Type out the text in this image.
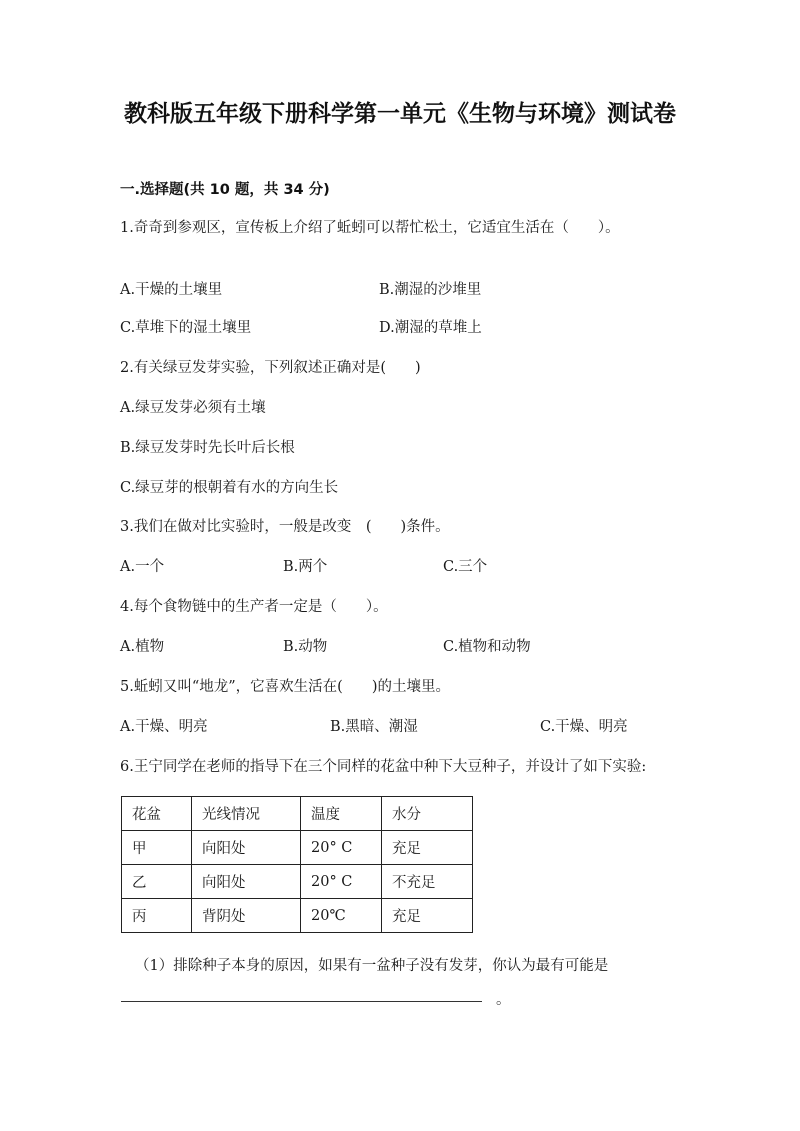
教科版五年级下册科学第一单元《生物与环境》测试卷
一.选择题(共 10 题，共 34 分)
1.奇奇到参观区，宣传板上介绍了蚯蚓可以帮忙松土，它适宜生活在（　　）。
A.干燥的土壤里	B.潮湿的沙堆里
C.草堆下的湿土壤里	D.潮湿的草堆上
2.有关绿豆发芽实验，下列叙述正确对是(　　)
A.绿豆发芽必须有土壤
B.绿豆发芽时先长叶后长根
C.绿豆芽的根朝着有水的方向生长
3.我们在做对比实验时，一般是改变　(　　)条件。
A.一个	B.两个	C.三个
4.每个食物链中的生产者一定是（　　）。
A.植物	B.动物	C.植物和动物
5.蚯蚓又叫“地龙”，它喜欢生活在(　　)的土壤里。
A.干燥、明亮	B.黑暗、潮湿	C.干燥、明亮
6.王宁同学在老师的指导下在三个同样的花盆中种下大豆种子，并设计了如下实验:
花盆	光线情况	温度	水分
甲	向阳处	20° C	充足
乙	向阳处	20° C	不充足
丙	背阴处	20℃	充足
（1）排除种子本身的原因，如果有一盆种子没有发芽，你认为最有可能是
。
